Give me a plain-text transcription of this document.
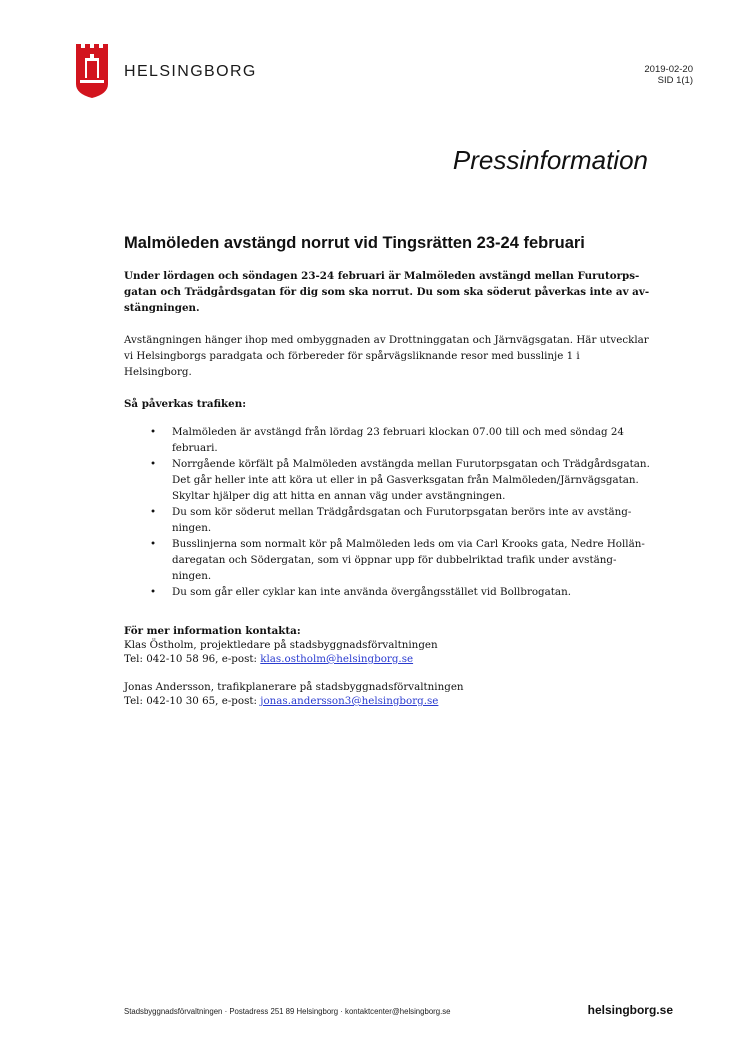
HELSINGBORG	2019-02-20
SID 1(1)
Pressinformation
Malmöleden avstängd norrut vid Tingsrätten 23-24 februari

Under lördagen och söndagen 23-24 februari är Malmöleden avstängd mellan Furutorpsgatan och Trädgårdsgatan för dig som ska norrut. Du som ska söderut påverkas inte av avstängningen.

Avstängningen hänger ihop med ombyggnaden av Drottninggatan och Järnvägsgatan. Här utvecklar vi Helsingborgs paradgata och förbereder för spårvägsliknande resor med busslinje 1 i Helsingborg.

Så påverkas trafiken:

• Malmöleden är avstängd från lördag 23 februari klockan 07.00 till och med söndag 24 februari.
• Norrgående körfält på Malmöleden avstängda mellan Furutorpsgatan och Trädgårdsgatan. Det går heller inte att köra ut eller in på Gasverksgatan från Malmöleden/Järnvägsgatan. Skyltar hjälper dig att hitta en annan väg under avstängningen.
• Du som kör söderut mellan Trädgårdsgatan och Furutorpsgatan berörs inte av avstängningen.
• Busslinjerna som normalt kör på Malmöleden leds om via Carl Krooks gata, Nedre Holländaregatan och Södergatan, som vi öppnar upp för dubbelriktad trafik under avstängningen.
• Du som går eller cyklar kan inte använda övergångsstället vid Bollbrogatan.
För mer information kontakta:
Klas Östholm, projektledare på stadsbyggnadsförvaltningen
Tel: 042-10 58 96, e-post: klas.ostholm@helsingborg.se
Jonas Andersson, trafikplanerare på stadsbyggnadsförvaltningen
Tel: 042-10 30 65, e-post: jonas.andersson3@helsingborg.se
Stadsbyggnadsförvaltningen · Postadress 251 89 Helsingborg · kontaktcenter@helsingborg.se	helsingborg.se
